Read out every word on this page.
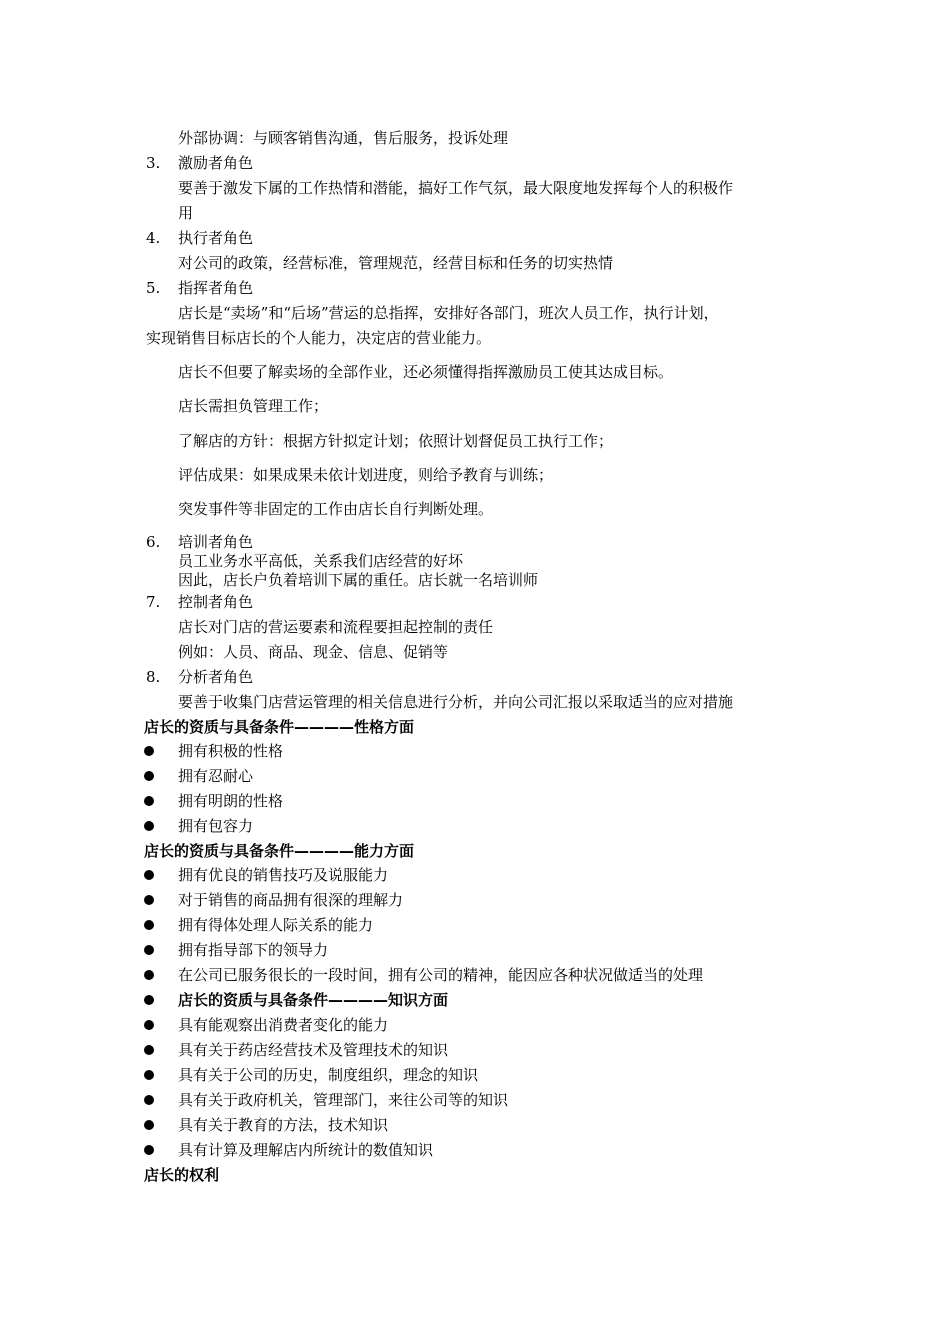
外部协调：与顾客销售沟通，售后服务，投诉处理
3. 激励者角色
要善于激发下属的工作热情和潜能，搞好工作气氛，最大限度地发挥每个人的积极作
用
4. 执行者角色
对公司的政策，经营标准，管理规范，经营目标和任务的切实热情
5. 指挥者角色
店长是“卖场”和“后场”营运的总指挥，安排好各部门，班次人员工作，执行计划，
实现销售目标店长的个人能力，决定店的营业能力。
店长不但要了解卖场的全部作业，还必须懂得指挥激励员工使其达成目标。
店长需担负管理工作；
了解店的方针：根据方针拟定计划；依照计划督促员工执行工作；
评估成果：如果成果未依计划进度，则给予教育与训练；
突发事件等非固定的工作由店长自行判断处理。
6. 培训者角色
员工业务水平高低，关系我们店经营的好坏
因此，店长户负着培训下属的重任。店长就一名培训师
7. 控制者角色
店长对门店的营运要素和流程要担起控制的责任
例如：人员、商品、现金、信息、促销等
8. 分析者角色
要善于收集门店营运管理的相关信息进行分析，并向公司汇报以采取适当的应对措施
店长的资质与具备条件————性格方面
拥有积极的性格
拥有忍耐心
拥有明朗的性格
拥有包容力
店长的资质与具备条件————能力方面
拥有优良的销售技巧及说服能力
对于销售的商品拥有很深的理解力
拥有得体处理人际关系的能力
拥有指导部下的领导力
在公司已服务很长的一段时间，拥有公司的精神，能因应各种状况做适当的处理
店长的资质与具备条件————知识方面
具有能观察出消费者变化的能力
具有关于药店经营技术及管理技术的知识
具有关于公司的历史，制度组织，理念的知识
具有关于政府机关，管理部门，来往公司等的知识
具有关于教育的方法，技术知识
具有计算及理解店内所统计的数值知识
店长的权利
